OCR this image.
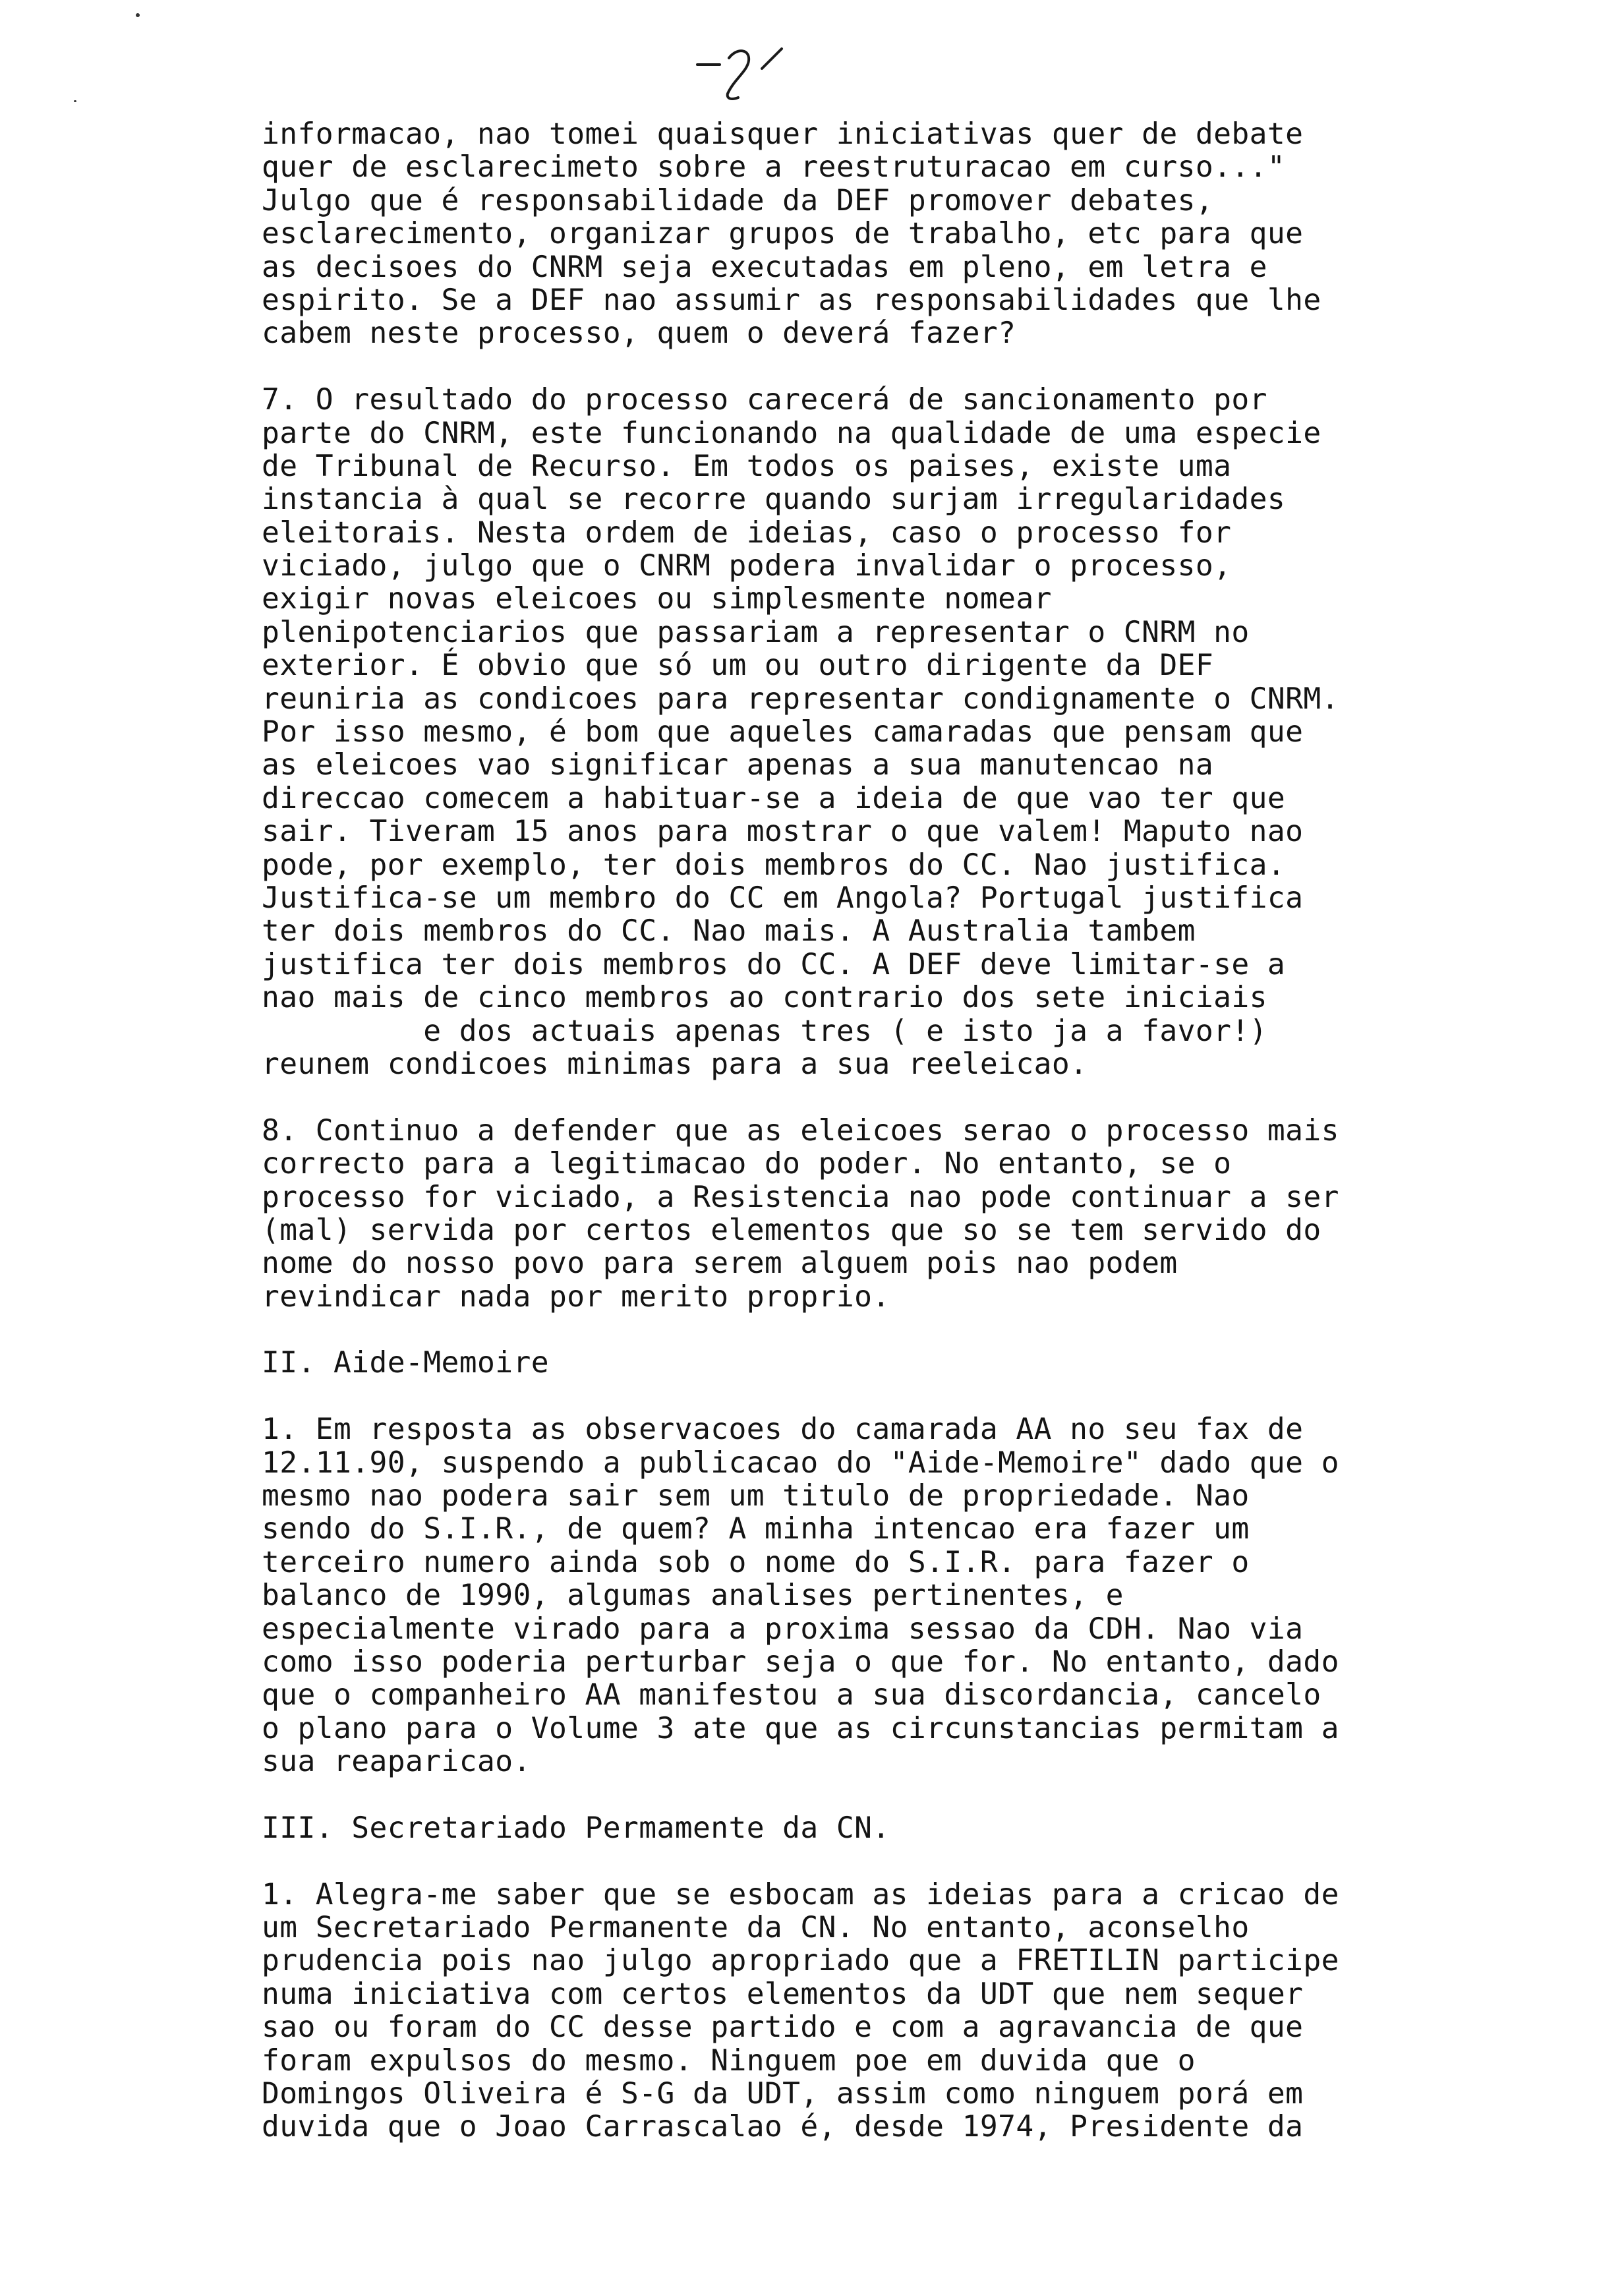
informacao, nao tomei quaisquer iniciativas quer de debate
quer de esclarecimeto sobre a reestruturacao em curso..."
Julgo que é responsabilidade da DEF promover debates,
esclarecimento, organizar grupos de trabalho, etc para que
as decisoes do CNRM seja executadas em pleno, em letra e
espirito. Se a DEF nao assumir as responsabilidades que lhe
cabem neste processo, quem o deverá fazer?
7. O resultado do processo carecerá de sancionamento por
parte do CNRM, este funcionando na qualidade de uma especie
de Tribunal de Recurso. Em todos os paises, existe uma
instancia à qual se recorre quando surjam irregularidades
eleitorais. Nesta ordem de ideias, caso o processo for
viciado, julgo que o CNRM podera invalidar o processo,
exigir novas eleicoes ou simplesmente nomear
plenipotenciarios que passariam a representar o CNRM no
exterior. É obvio que só um ou outro dirigente da DEF
reuniria as condicoes para representar condignamente o CNRM.
Por isso mesmo, é bom que aqueles camaradas que pensam que
as eleicoes vao significar apenas a sua manutencao na
direccao comecem a habituar-se a ideia de que vao ter que
sair. Tiveram 15 anos para mostrar o que valem! Maputo nao
pode, por exemplo, ter dois membros do CC. Nao justifica.
Justifica-se um membro do CC em Angola? Portugal justifica
ter dois membros do CC. Nao mais. A Australia tambem
justifica ter dois membros do CC. A DEF deve limitar-se a
nao mais de cinco membros ao contrario dos sete iniciais
e dos actuais apenas tres ( e isto ja a favor!)
reunem condicoes minimas para a sua reeleicao.
8. Continuo a defender que as eleicoes serao o processo mais
correcto para a legitimacao do poder. No entanto, se o
processo for viciado, a Resistencia nao pode continuar a ser
(mal) servida por certos elementos que so se tem servido do
nome do nosso povo para serem alguem pois nao podem
revindicar nada por merito proprio.
II. Aide-Memoire
1. Em resposta as observacoes do camarada AA no seu fax de
12.11.90, suspendo a publicacao do "Aide-Memoire" dado que o
mesmo nao podera sair sem um titulo de propriedade. Nao
sendo do S.I.R., de quem? A minha intencao era fazer um
terceiro numero ainda sob o nome do S.I.R. para fazer o
balanco de 1990, algumas analises pertinentes, e
especialmente virado para a proxima sessao da CDH. Nao via
como isso poderia perturbar seja o que for. No entanto, dado
que o companheiro AA manifestou a sua discordancia, cancelo
o plano para o Volume 3 ate que as circunstancias permitam a
sua reaparicao.
III. Secretariado Permamente da CN.
1. Alegra-me saber que se esbocam as ideias para a cricao de
um Secretariado Permanente da CN. No entanto, aconselho
prudencia pois nao julgo apropriado que a FRETILIN participe
numa iniciativa com certos elementos da UDT que nem sequer
sao ou foram do CC desse partido e com a agravancia de que
foram expulsos do mesmo. Ninguem poe em duvida que o
Domingos Oliveira é S-G da UDT, assim como ninguem porá em
duvida que o Joao Carrascalao é, desde 1974, Presidente da
